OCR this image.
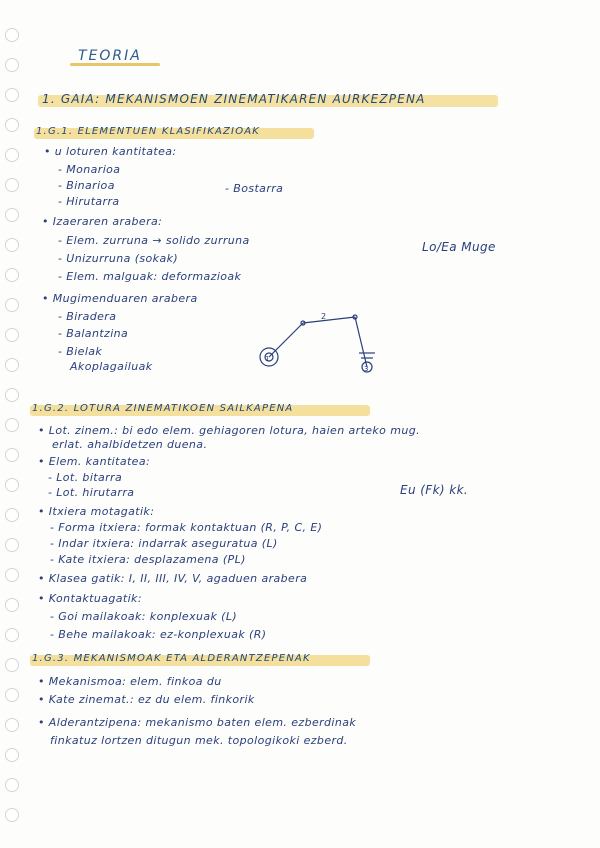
TEORIA
1. GAIA: MEKANISMOEN ZINEMATIKAREN AURKEZPENA
1.G.1. ELEMENTUEN KLASIFIKAZIOAK
• u loturen kantitatea:
- Monarioa
- Binarioa
- Hirutarra
- Bostarra
• Izaeraren arabera:
- Elem. zurruna → solido zurruna
- Unizurruna (sokak)
- Elem. malguak: deformazioak
Lo/Ea Muge
• Mugimenduaren arabera
- Biradera
- Balantzina
- Bielak
Akoplagailuak
2
1
3
1.G.2. LOTURA ZINEMATIKOEN SAILKAPENA
• Lot. zinem.: bi edo elem. gehiagoren lotura, haien arteko mug.
erlat. ahalbidetzen duena.
• Elem. kantitatea:
- Lot. bitarra
- Lot. hirutarra	Eu (Fk) kk.
• Itxiera motagatik:
- Forma itxiera: formak kontaktuan (R, P, C, E)
- Indar itxiera: indarrak aseguratua (L)
- Kate itxiera: desplazamena (PL)
• Klasea gatik: I, II, III, IV, V, agaduen arabera
• Kontaktuagatik:
- Goi mailakoak: konplexuak (L)
- Behe mailakoak: ez-konplexuak (R)
1.G.3. MEKANISMOAK ETA ALDERANTZEPENAK
• Mekanismoa: elem. finkoa du
• Kate zinemat.: ez du elem. finkorik
• Alderantzipena: mekanismo baten elem. ezberdinak
finkatuz lortzen ditugun mek. topologikoki ezberd.
